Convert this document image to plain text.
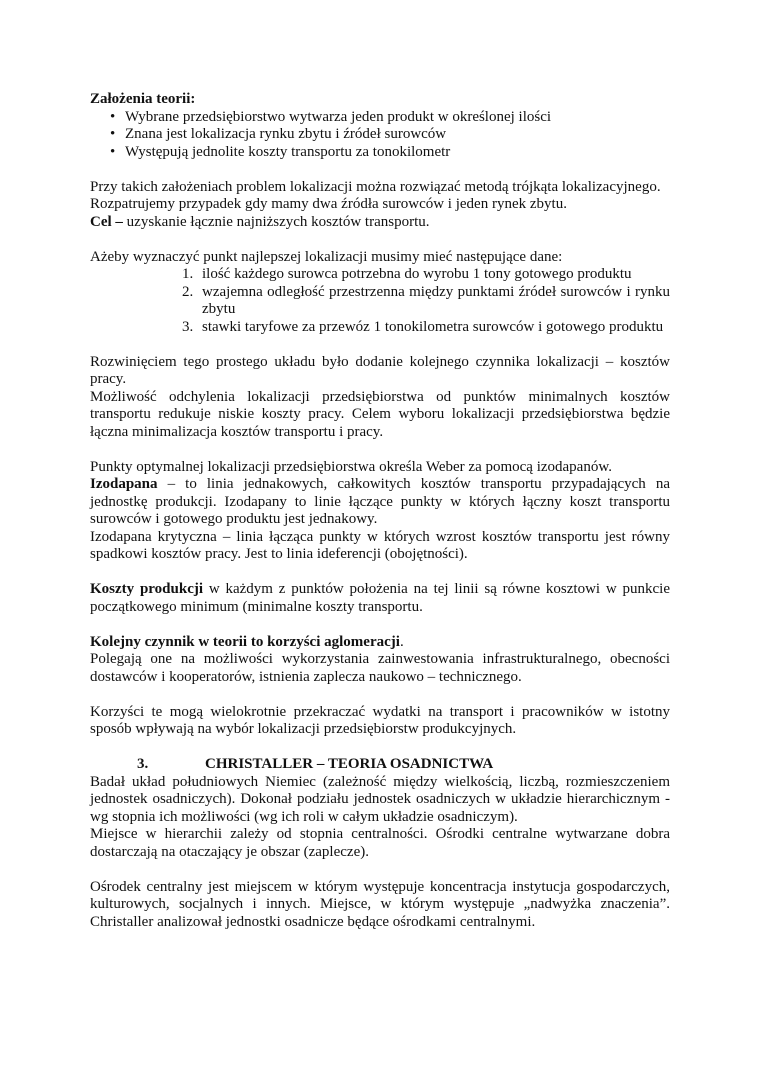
Założenia teorii:

• Wybrane przedsiębiorstwo wytwarza jeden produkt w określonej ilości
• Znana jest lokalizacja rynku zbytu i źródeł surowców
• Występują jednolite koszty transportu za tonokilometr

Przy takich założeniach problem lokalizacji można rozwiązać metodą trójkąta lokalizacyjnego.

Rozpatrujemy przypadek gdy mamy dwa źródła surowców i jeden rynek zbytu.

Cel – uzyskanie łącznie najniższych kosztów transportu.

Ażeby wyznaczyć punkt najlepszej lokalizacji musimy mieć następujące dane:

1. ilość każdego surowca potrzebna do wyrobu 1 tony gotowego produktu
2. wzajemna odległość przestrzenna między punktami źródeł surowców i rynku zbytu
3. stawki taryfowe za przewóz 1 tonokilometra surowców i gotowego produktu

Rozwinięciem tego prostego układu było dodanie kolejnego czynnika lokalizacji – kosztów pracy.

Możliwość odchylenia lokalizacji przedsiębiorstwa od punktów minimalnych kosztów transportu redukuje niskie koszty pracy. Celem wyboru lokalizacji przedsiębiorstwa będzie łączna minimalizacja kosztów transportu i pracy.

Punkty optymalnej lokalizacji przedsiębiorstwa określa Weber za pomocą izodapanów.

Izodapana – to linia jednakowych, całkowitych kosztów transportu przypadających na jednostkę produkcji. Izodapany to linie łączące punkty w których łączny koszt transportu surowców i gotowego produktu jest jednakowy.

Izodapana krytyczna – linia łącząca punkty w których wzrost kosztów transportu jest równy spadkowi kosztów pracy. Jest to linia ideferencji (obojętności).

Koszty produkcji w każdym z punktów położenia na tej linii są równe kosztowi w punkcie początkowego minimum (minimalne koszty transportu.

Kolejny czynnik w teorii to korzyści aglomeracji.

Polegają one na możliwości wykorzystania zainwestowania infrastrukturalnego, obecności dostawców i kooperatorów, istnienia zaplecza naukowo – technicznego.

Korzyści te mogą wielokrotnie przekraczać wydatki na transport i pracowników w istotny sposób wpływają na wybór lokalizacji przedsiębiorstw produkcyjnych.

3.	CHRISTALLER – TEORIA OSADNICTWA

Badał układ południowych Niemiec (zależność między wielkością, liczbą, rozmieszczeniem jednostek osadniczych). Dokonał podziału jednostek osadniczych w układzie hierarchicznym - wg stopnia ich możliwości (wg ich roli w całym układzie osadniczym).

Miejsce w hierarchii zależy od stopnia centralności. Ośrodki centralne wytwarzane dobra dostarczają na otaczający je obszar (zaplecze).

Ośrodek centralny jest miejscem w którym występuje koncentracja instytucja gospodarczych, kulturowych, socjalnych i innych. Miejsce, w którym występuje „nadwyżka znaczenia”. Christaller analizował jednostki osadnicze będące ośrodkami centralnymi.
